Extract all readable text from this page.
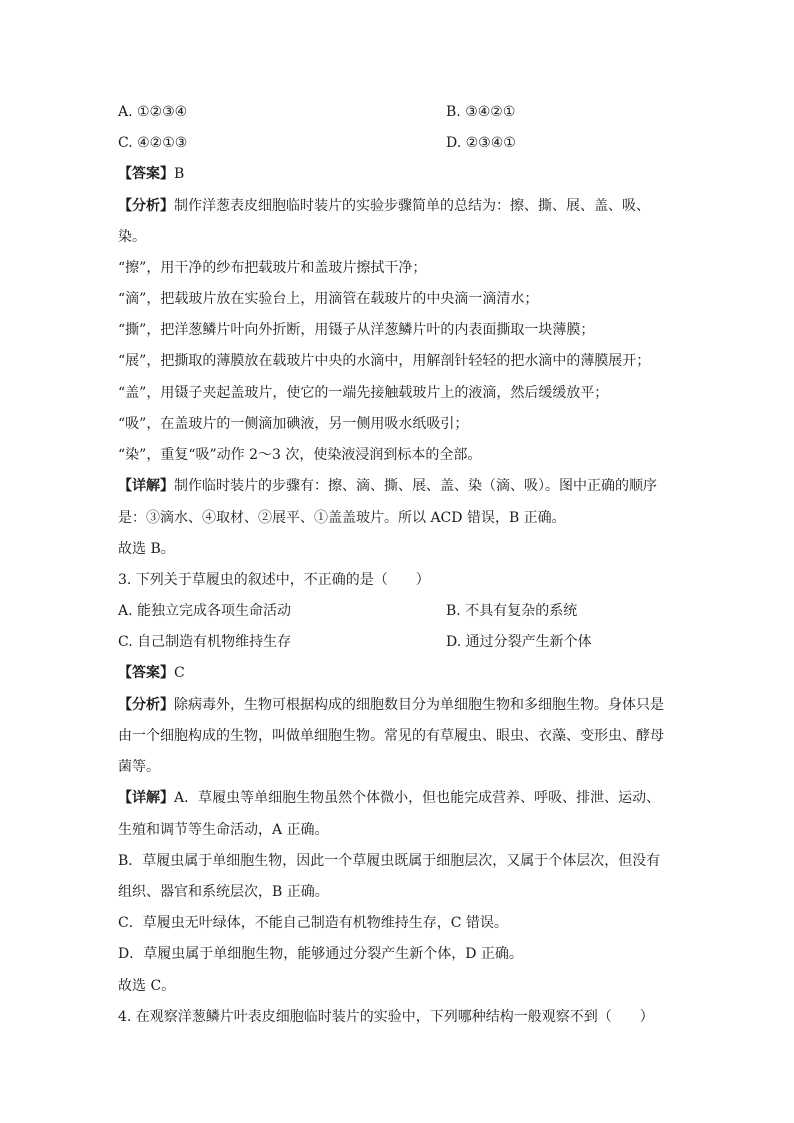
A. ①②③④	B. ③④②①
C. ④②①③	D. ②③④①
【答案】B
【分析】制作洋葱表皮细胞临时装片的实验步骤简单的总结为：擦、撕、展、盖、吸、
染。
“擦”，用干净的纱布把载玻片和盖玻片擦拭干净；
“滴”，把载玻片放在实验台上，用滴管在载玻片的中央滴一滴清水；
“撕”，把洋葱鳞片叶向外折断，用镊子从洋葱鳞片叶的内表面撕取一块薄膜；
“展”，把撕取的薄膜放在载玻片中央的水滴中，用解剖针轻轻的把水滴中的薄膜展开；
“盖”，用镊子夹起盖玻片，使它的一端先接触载玻片上的液滴，然后缓缓放平；
“吸”，在盖玻片的一侧滴加碘液，另一侧用吸水纸吸引；
“染”，重复“吸”动作 2～3 次，使染液浸润到标本的全部。
【详解】制作临时装片的步骤有：擦、滴、撕、展、盖、染（滴、吸）。图中正确的顺序
是：③滴水、④取材、②展平、①盖盖玻片。所以 ACD 错误，B 正确。
故选 B。
3. 下列关于草履虫的叙述中，不正确的是（　　）
A. 能独立完成各项生命活动	B. 不具有复杂的系统
C. 自己制造有机物维持生存	D. 通过分裂产生新个体
【答案】C
【分析】除病毒外，生物可根据构成的细胞数目分为单细胞生物和多细胞生物。身体只是
由一个细胞构成的生物，叫做单细胞生物。常见的有草履虫、眼虫、衣藻、变形虫、酵母
菌等。
【详解】A．草履虫等单细胞生物虽然个体微小，但也能完成营养、呼吸、排泄、运动、
生殖和调节等生命活动，A 正确。
B．草履虫属于单细胞生物，因此一个草履虫既属于细胞层次，又属于个体层次，但没有
组织、器官和系统层次，B 正确。
C．草履虫无叶绿体，不能自己制造有机物维持生存，C 错误。
D．草履虫属于单细胞生物，能够通过分裂产生新个体，D 正确。
故选 C。
4. 在观察洋葱鳞片叶表皮细胞临时装片的实验中，下列哪种结构一般观察不到（　　）
